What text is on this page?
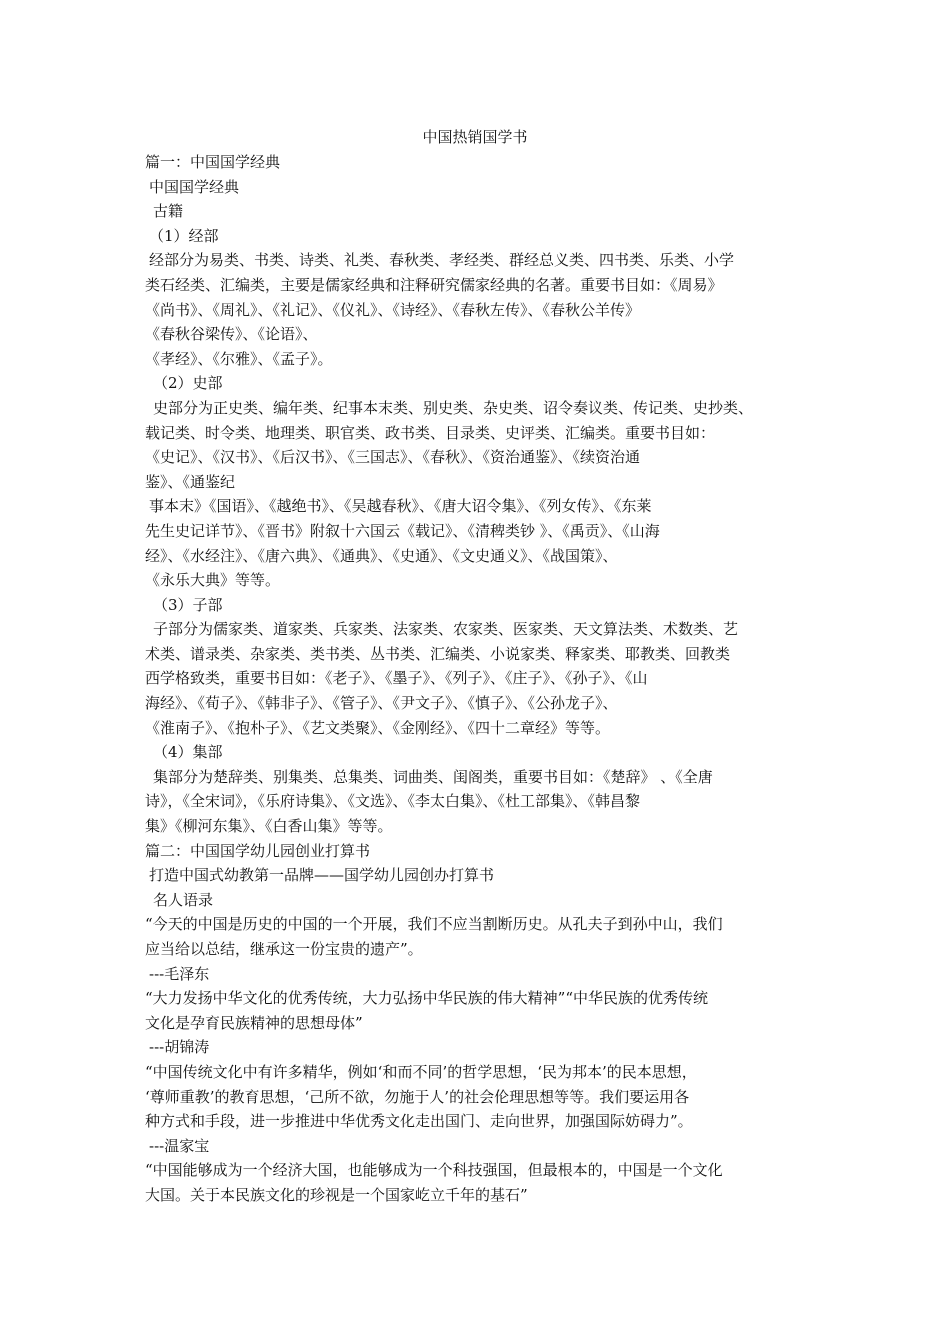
中国热销国学书
篇一：中国国学经典
中国国学经典
古籍
（1）经部
经部分为易类、书类、诗类、礼类、春秋类、孝经类、群经总义类、四书类、乐类、小学
类石经类、汇编类，主要是儒家经典和注释研究儒家经典的名著。重要书目如：《周易》
《尚书》、《周礼》、《礼记》、《仪礼》、《诗经》、《春秋左传》、《春秋公羊传》
《春秋谷梁传》、《论语》、
《孝经》、《尔雅》、《孟子》。
（2）史部
史部分为正史类、编年类、纪事本末类、别史类、杂史类、诏令奏议类、传记类、史抄类、
载记类、时令类、地理类、职官类、政书类、目录类、史评类、汇编类。重要书目如：
《史记》、《汉书》、《后汉书》、《三国志》、《春秋》、《资治通鉴》、《续资治通
鉴》、《通鉴纪
事本末》《国语》、《越绝书》、《吴越春秋》、《唐大诏令集》、《列女传》、《东莱
先生史记详节》、《晋书》附叙十六国云《载记》、《清稗类钞 》、《禹贡》、《山海
经》、《水经注》、《唐六典》、《通典》、《史通》、《文史通义》、《战国策》、
《永乐大典》等等。
（3）子部
子部分为儒家类、道家类、兵家类、法家类、农家类、医家类、天文算法类、术数类、艺
术类、谱录类、杂家类、类书类、丛书类、汇编类、小说家类、释家类、耶教类、回教类
西学格致类，重要书目如：《老子》、《墨子》、《列子》、《庄子》、《孙子》、《山
海经》、《荀子》、《韩非子》、《管子》、《尹文子》、《慎子》、《公孙龙子》、
《淮南子》、《抱朴子》、《艺文类聚》、《金刚经》、《四十二章经》等等。
（4）集部
集部分为楚辞类、别集类、总集类、词曲类、闺阁类，重要书目如：《楚辞》 、《全唐
诗》，《全宋词》，《乐府诗集》、《文选》、《李太白集》、《杜工部集》、《韩昌黎
集》《柳河东集》、《白香山集》等等。
篇二：中国国学幼儿园创业打算书
打造中国式幼教第一品牌——国学幼儿园创办打算书
名人语录
“今天的中国是历史的中国的一个开展，我们不应当割断历史。从孔夫子到孙中山，我们
应当给以总结，继承这一份宝贵的遗产”。
---毛泽东
“大力发扬中华文化的优秀传统，大力弘扬中华民族的伟大精神”“中华民族的优秀传统
文化是孕育民族精神的思想母体”
---胡锦涛
“中国传统文化中有许多精华，例如‘和而不同’的哲学思想，‘民为邦本’的民本思想，
‘尊师重教’的教育思想，‘己所不欲，勿施于人’的社会伦理思想等等。我们要运用各
种方式和手段，进一步推进中华优秀文化走出国门、走向世界，加强国际妨碍力”。
---温家宝
“中国能够成为一个经济大国，也能够成为一个科技强国，但最根本的，中国是一个文化
大国。关于本民族文化的珍视是一个国家屹立千年的基石”
